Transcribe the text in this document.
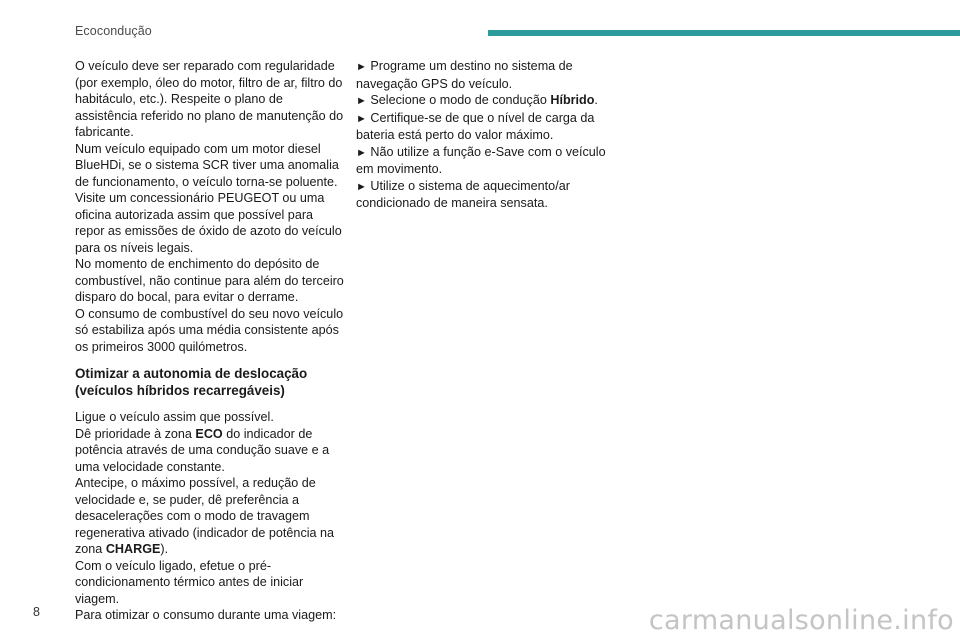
Ecocondução

O veículo deve ser reparado com regularidade (por exemplo, óleo do motor, filtro de ar, filtro do habitáculo, etc.). Respeite o plano de assistência referido no plano de manutenção do fabricante.

Num veículo equipado com um motor diesel BlueHDi, se o sistema SCR tiver uma anomalia de funcionamento, o veículo torna-se poluente. Visite um concessionário PEUGEOT ou uma oficina autorizada assim que possível para repor as emissões de óxido de azoto do veículo para os níveis legais.

No momento de enchimento do depósito de combustível, não continue para além do terceiro disparo do bocal, para evitar o derrame.

O consumo de combustível do seu novo veículo só estabiliza após uma média consistente após os primeiros 3000 quilómetros.

Otimizar a autonomia de deslocação (veículos híbridos recarregáveis)

Ligue o veículo assim que possível.

Dê prioridade à zona ECO do indicador de potência através de uma condução suave e a uma velocidade constante.

Antecipe, o máximo possível, a redução de velocidade e, se puder, dê preferência a desacelerações com o modo de travagem regenerativa ativado (indicador de potência na zona CHARGE).

Com o veículo ligado, efetue o pré-condicionamento térmico antes de iniciar viagem.

Para otimizar o consumo durante uma viagem:

► Programe um destino no sistema de navegação GPS do veículo.

► Selecione o modo de condução Híbrido.

► Certifique-se de que o nível de carga da bateria está perto do valor máximo.

► Não utilize a função e-Save com o veículo em movimento.

► Utilize o sistema de aquecimento/ar condicionado de maneira sensata.

8	carmanualsonline.info
